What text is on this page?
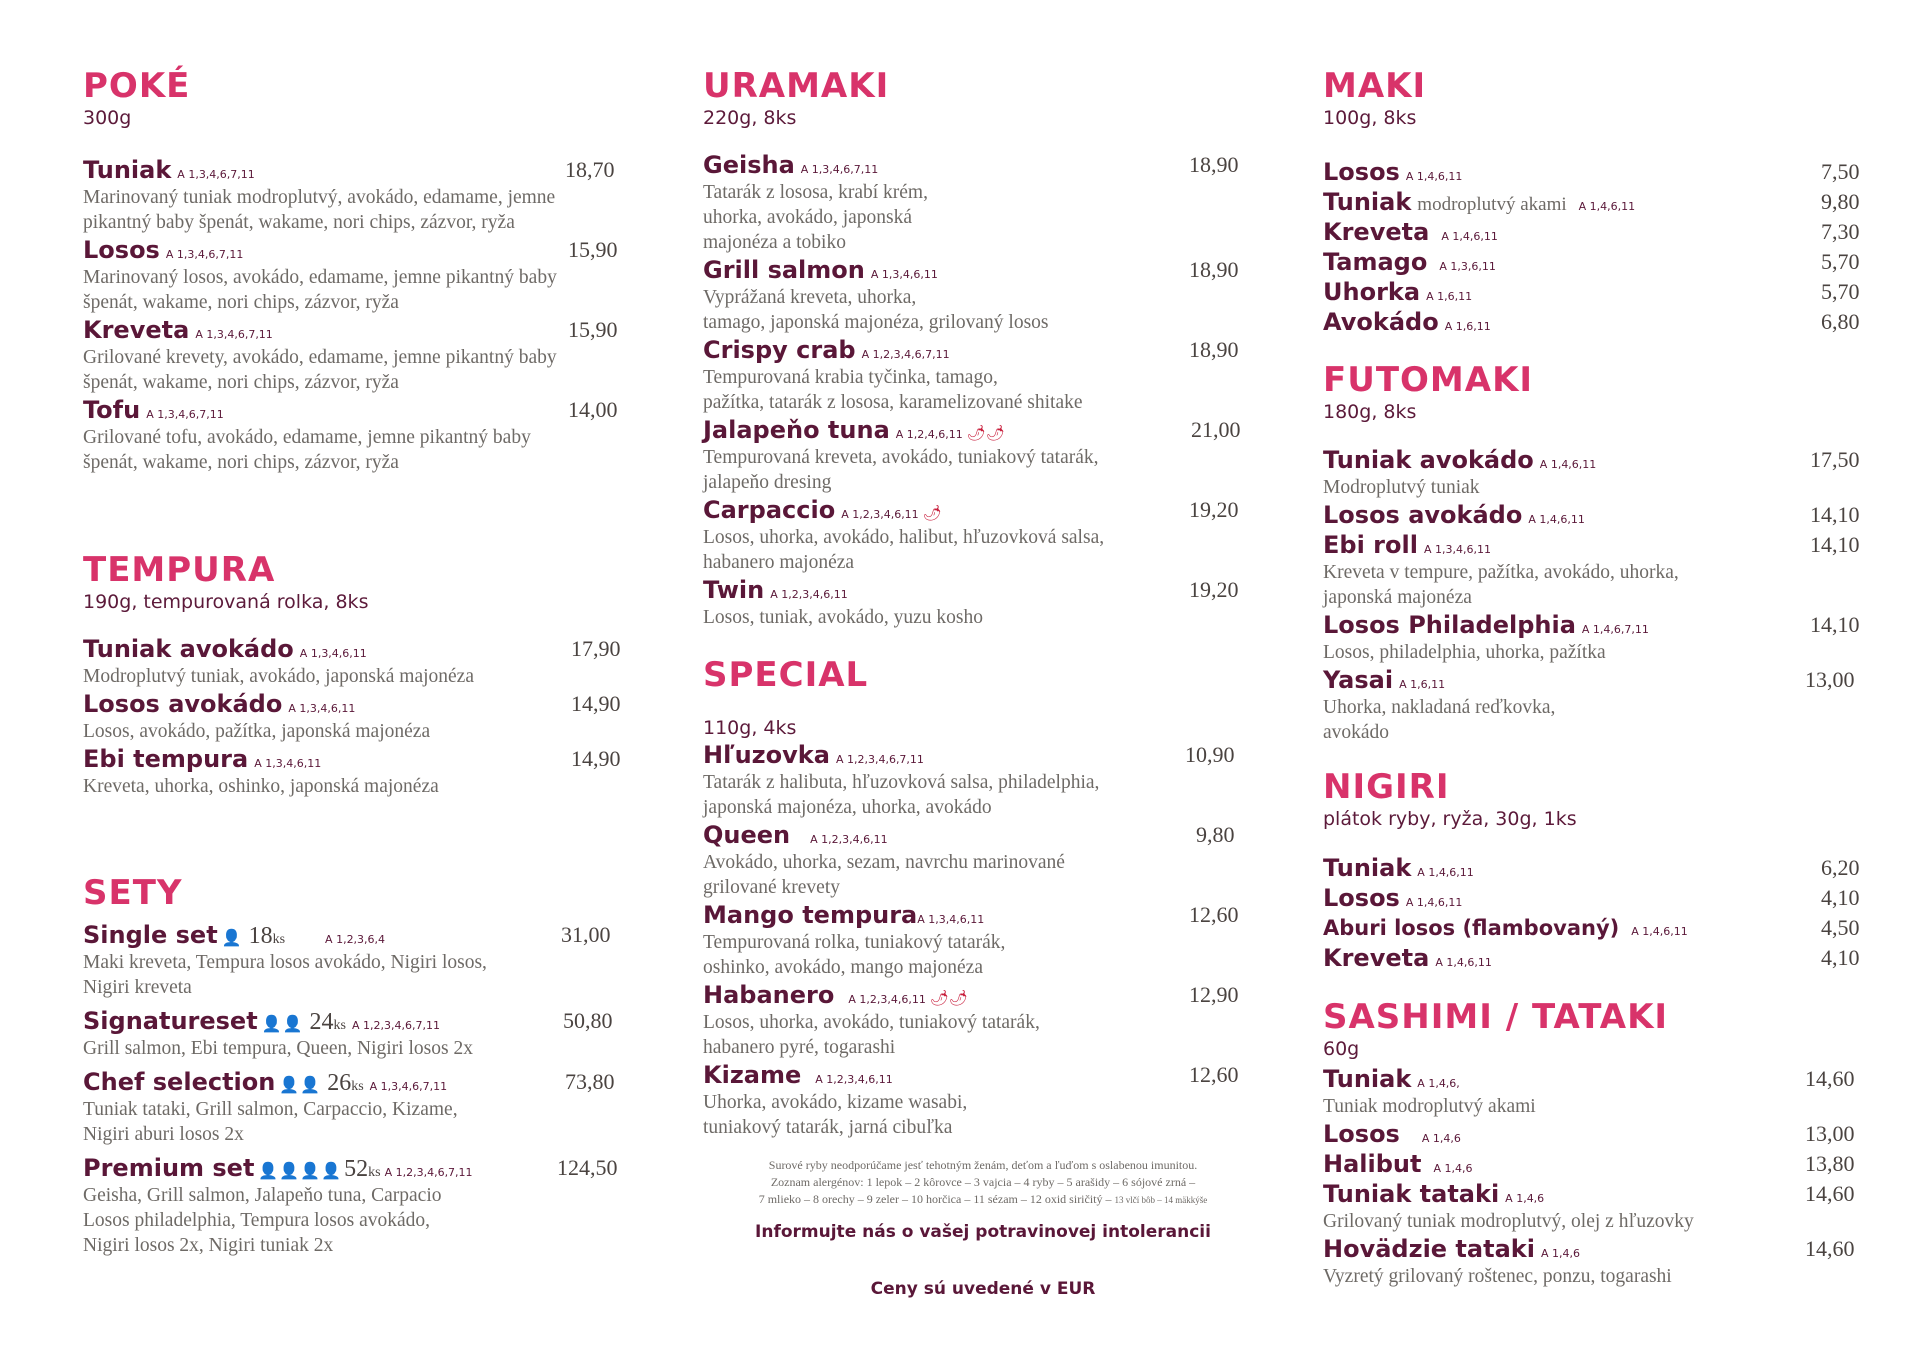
POKÉ

300g

Tuniak A 1,3,4,6,7,11	18,70

Marinovaný tuniak modroplutvý, avokádo, edamame, jemne

pikantný baby špenát, wakame, nori chips, zázvor, ryža

Losos A 1,3,4,6,7,11	15,90

Marinovaný losos, avokádo, edamame, jemne pikantný baby

špenát, wakame, nori chips, zázvor, ryža

Kreveta A 1,3,4,6,7,11	15,90

Grilované krevety, avokádo, edamame, jemne pikantný baby

špenát, wakame, nori chips, zázvor, ryža

Tofu A 1,3,4,6,7,11	14,00

Grilované tofu, avokádo, edamame, jemne pikantný baby

špenát, wakame, nori chips, zázvor, ryža

TEMPURA

190g, tempurovaná rolka, 8ks

Tuniak avokádo A 1,3,4,6,11	17,90

Modroplutvý tuniak, avokádo, japonská majonéza

Losos avokádo A 1,3,4,6,11	14,90

Losos, avokádo, pažítka, japonská majonéza

Ebi tempura A 1,3,4,6,11	14,90

Kreveta, uhorka, oshinko, japonská majonéza

SETY
Single set 👤 18ks	A 1,2,3,6,4	31,00

Maki kreveta, Tempura losos avokádo, Nigiri losos,

Nigiri kreveta

Signatureset 👤👤 24ks A 1,2,3,4,6,7,11	50,80

Grill salmon, Ebi tempura, Queen, Nigiri losos 2x

Chef selection 👤👤 26ks A 1,3,4,6,7,11	73,80

Tuniak tataki, Grill salmon, Carpaccio, Kizame,

Nigiri aburi losos 2x

Premium set 👤👤👤👤52ks A 1,2,3,4,6,7,11	124,50

Geisha, Grill salmon, Jalapeňo tuna, Carpacio

Losos philadelphia, Tempura losos avokádo,

Nigiri losos 2x, Nigiri tuniak 2x

URAMAKI

220g, 8ks

Geisha A 1,3,4,6,7,11	18,90

Tatarák z lososa, krabí krém,

uhorka, avokádo, japonská

majonéza a tobiko

Grill salmon A 1,3,4,6,11	18,90

Vyprážaná kreveta, uhorka,

tamago, japonská majonéza, grilovaný losos

Crispy crab A 1,2,3,4,6,7,11	18,90

Tempurovaná krabia tyčinka, tamago,

pažítka, tatarák z lososa, karamelizované shitake

Jalapeňo tuna A 1,2,4,6,11 🌶🌶	21,00

Tempurovaná kreveta, avokádo, tuniakový tatarák,

jalapeňo dresing

Carpaccio A 1,2,3,4,6,11 🌶	19,20

Losos, uhorka, avokádo, halibut, hľuzovková salsa,

habanero majonéza

Twin A 1,2,3,4,6,11	19,20

Losos, tuniak, avokádo, yuzu kosho

SPECIAL

110g, 4ks

Hľuzovka A 1,2,3,4,6,7,11	10,90

Tatarák z halibuta, hľuzovková salsa, philadelphia,

japonská majonéza, uhorka, avokádo

Queen A 1,2,3,4,6,11	9,80

Avokádo, uhorka, sezam, navrchu marinované

grilované krevety

Mango tempuraA 1,3,4,6,11	12,60

Tempurovaná rolka, tuniakový tatarák,

oshinko, avokádo, mango majonéza

Habanero A 1,2,3,4,6,11 🌶🌶	12,90

Losos, uhorka, avokádo, tuniakový tatarák,

habanero pyré, togarashi

Kizame A 1,2,3,4,6,11	12,60

Uhorka, avokádo, kizame wasabi,

tuniakový tatarák, jarná cibuľka

Surové ryby neodporúčame jesť tehotným ženám, deťom a ľuďom s oslabenou imunitou.

Zoznam alergénov: 1 lepok – 2 kôrovce – 3 vajcia – 4 ryby – 5 arašidy – 6 sójové zrná –

7 mlieko – 8 orechy – 9 zeler – 10 horčica – 11 sézam – 12 oxid siričitý – 13 vlčí bôb – 14 mäkkýše

Informujte nás o vašej potravinovej intolerancii

Ceny sú uvedené v EUR

MAKI

100g, 8ks

Losos A 1,4,6,11	7,50
Tuniak modroplutvý akami A 1,4,6,11	9,80
Kreveta A 1,4,6,11	7,30
Tamago A 1,3,6,11	5,70
Uhorka A 1,6,11	5,70
Avokádo A 1,6,11	6,80
FUTOMAKI

180g, 8ks

Tuniak avokádo A 1,4,6,11	17,50

Modroplutvý tuniak

Losos avokádo A 1,4,6,11	14,10
Ebi roll A 1,3,4,6,11	14,10

Kreveta v tempure, pažítka, avokádo, uhorka,

japonská majonéza

Losos Philadelphia A 1,4,6,7,11	14,10

Losos, philadelphia, uhorka, pažítka

Yasai A 1,6,11	13,00

Uhorka, nakladaná reďkovka,

avokádo

NIGIRI

plátok ryby, ryža, 30g, 1ks

Tuniak A 1,4,6,11	6,20
Losos A 1,4,6,11	4,10
Aburi losos (flambovaný) A 1,4,6,11	4,50
Kreveta A 1,4,6,11	4,10
SASHIMI / TATAKI

60g

Tuniak A 1,4,6,	14,60

Tuniak modroplutvý akami

Losos A 1,4,6	13,00
Halibut A 1,4,6	13,80
Tuniak tataki A 1,4,6	14,60

Grilovaný tuniak modroplutvý, olej z hľuzovky

Hovädzie tataki A 1,4,6	14,60

Vyzretý grilovaný roštenec, ponzu, togarashi
